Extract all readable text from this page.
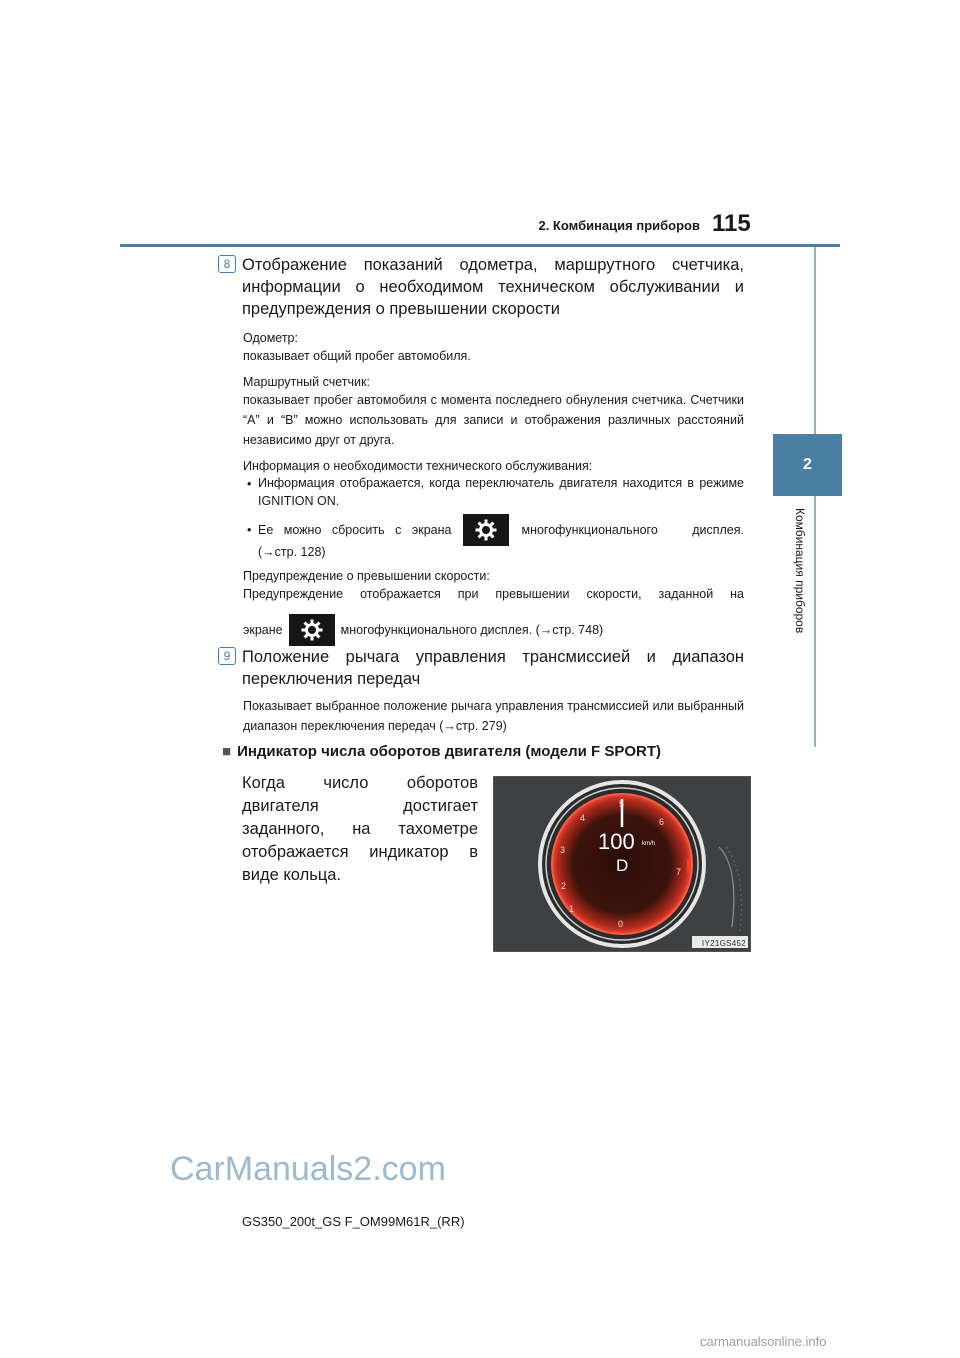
2. Комбинация приборов 115
2
Комбинация приборов
8 Отображение показаний одометра, маршрутного счетчика, информации о необходимом техническом обслуживании и предупреждения о превышении скорости
Одометр:
показывает общий пробег автомобиля.
Маршрутный счетчик:
показывает пробег автомобиля с момента последнего обнуления счетчика. Счетчики “A” и “B” можно использовать для записи и отображения различных расстояний независимо друг от друга.
Информация о необходимости технического обслуживания:
• Информация отображается, когда переключатель двигателя находится в режиме IGNITION ON.
• Ее можно сбросить с экрана	многофункционального дисплея.
(→стр. 128)
Предупреждение о превышении скорости:
Предупреждение отображается при превышении скорости, заданной на
экране	многофункционального дисплея. (→стр. 748)
9 Положение рычага управления трансмиссией и диапазон переключения передач
Показывает выбранное положение рычага управления трансмиссией или выбранный диапазон переключения передач (→стр. 279)
■ Индикатор числа оборотов двигателя (модели F SPORT)
Когда число оборотов двигателя достигает заданного, на тахометре отображается индикатор в виде кольца.
1
0
2
3
4
5
6
7
100 km/h
D
IY21GS452
CarManuals2.com
GS350_200t_GS F_OM99M61R_(RR)
carmanualsonline.info
